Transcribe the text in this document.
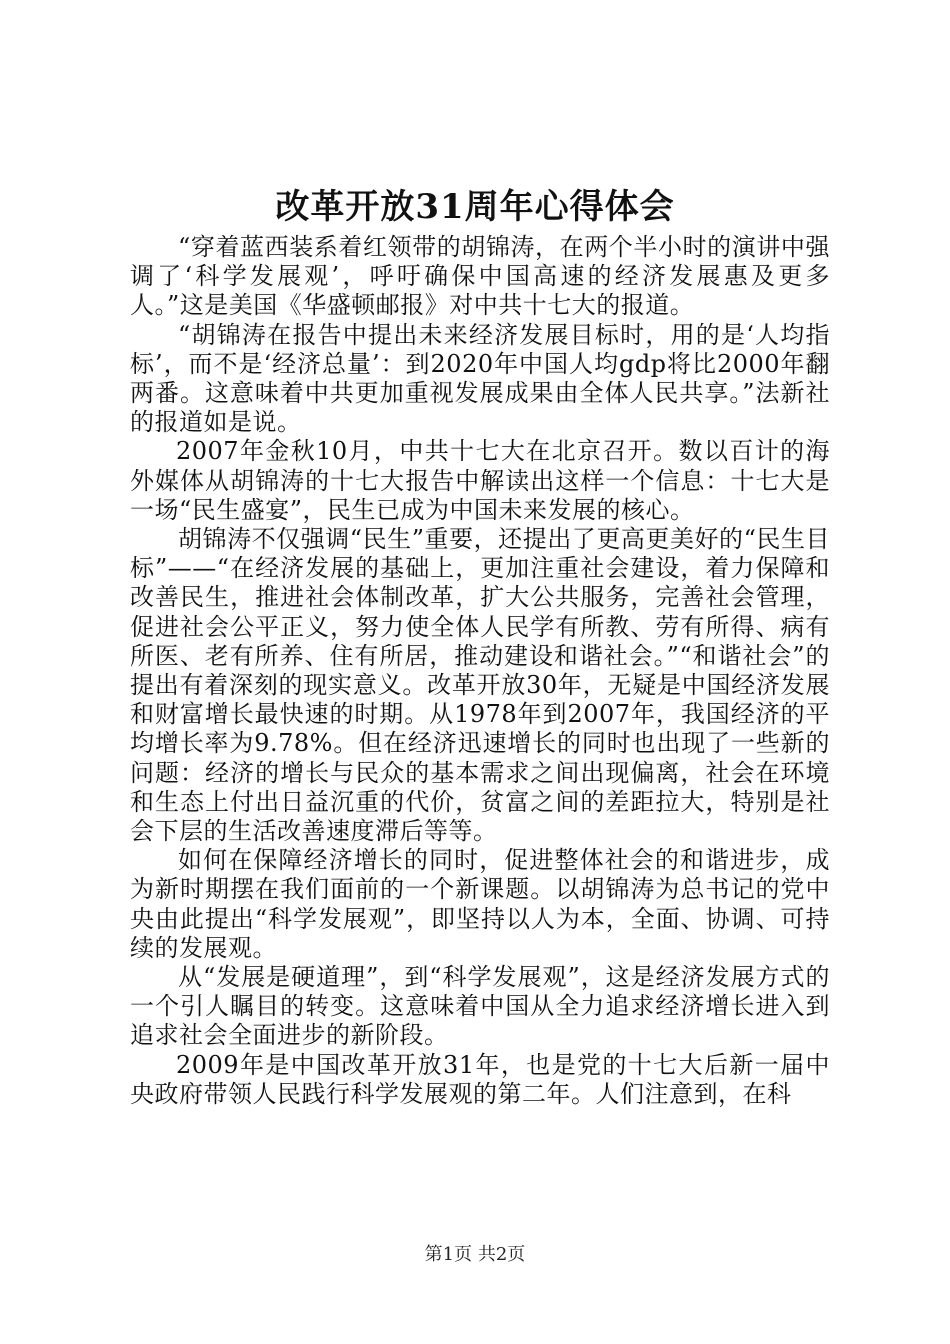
改革开放31周年心得体会

“穿着蓝西装系着红领带的胡锦涛，在两个半小时的演讲中强调了‘科学发展观’，呼吁确保中国高速的经济发展惠及更多人。”这是美国《华盛顿邮报》对中共十七大的报道。

“胡锦涛在报告中提出未来经济发展目标时，用的是‘人均指标’，而不是‘经济总量’：到2020年中国人均gdp将比2000年翻两番。这意味着中共更加重视发展成果由全体人民共享。”法新社的报道如是说。

2007年金秋10月，中共十七大在北京召开。数以百计的海外媒体从胡锦涛的十七大报告中解读出这样一个信息：十七大是一场“民生盛宴”，民生已成为中国未来发展的核心。

胡锦涛不仅强调“民生”重要，还提出了更高更美好的“民生目标”——“在经济发展的基础上，更加注重社会建设，着力保障和改善民生，推进社会体制改革，扩大公共服务，完善社会管理，促进社会公平正义，努力使全体人民学有所教、劳有所得、病有所医、老有所养、住有所居，推动建设和谐社会。”“和谐社会”的提出有着深刻的现实意义。改革开放30年，无疑是中国经济发展和财富增长最快速的时期。从1978年到2007年，我国经济的平均增长率为9.78%。但在经济迅速增长的同时也出现了一些新的问题：经济的增长与民众的基本需求之间出现偏离，社会在环境和生态上付出日益沉重的代价，贫富之间的差距拉大，特别是社会下层的生活改善速度滞后等等。

如何在保障经济增长的同时，促进整体社会的和谐进步，成为新时期摆在我们面前的一个新课题。以胡锦涛为总书记的党中央由此提出“科学发展观”，即坚持以人为本，全面、协调、可持续的发展观。

从“发展是硬道理”，到“科学发展观”，这是经济发展方式的一个引人瞩目的转变。这意味着中国从全力追求经济增长进入到追求社会全面进步的新阶段。

2009年是中国改革开放31年，也是党的十七大后新一届中央政府带领人民践行科学发展观的第二年。人们注意到，在科

第1页 共2页
